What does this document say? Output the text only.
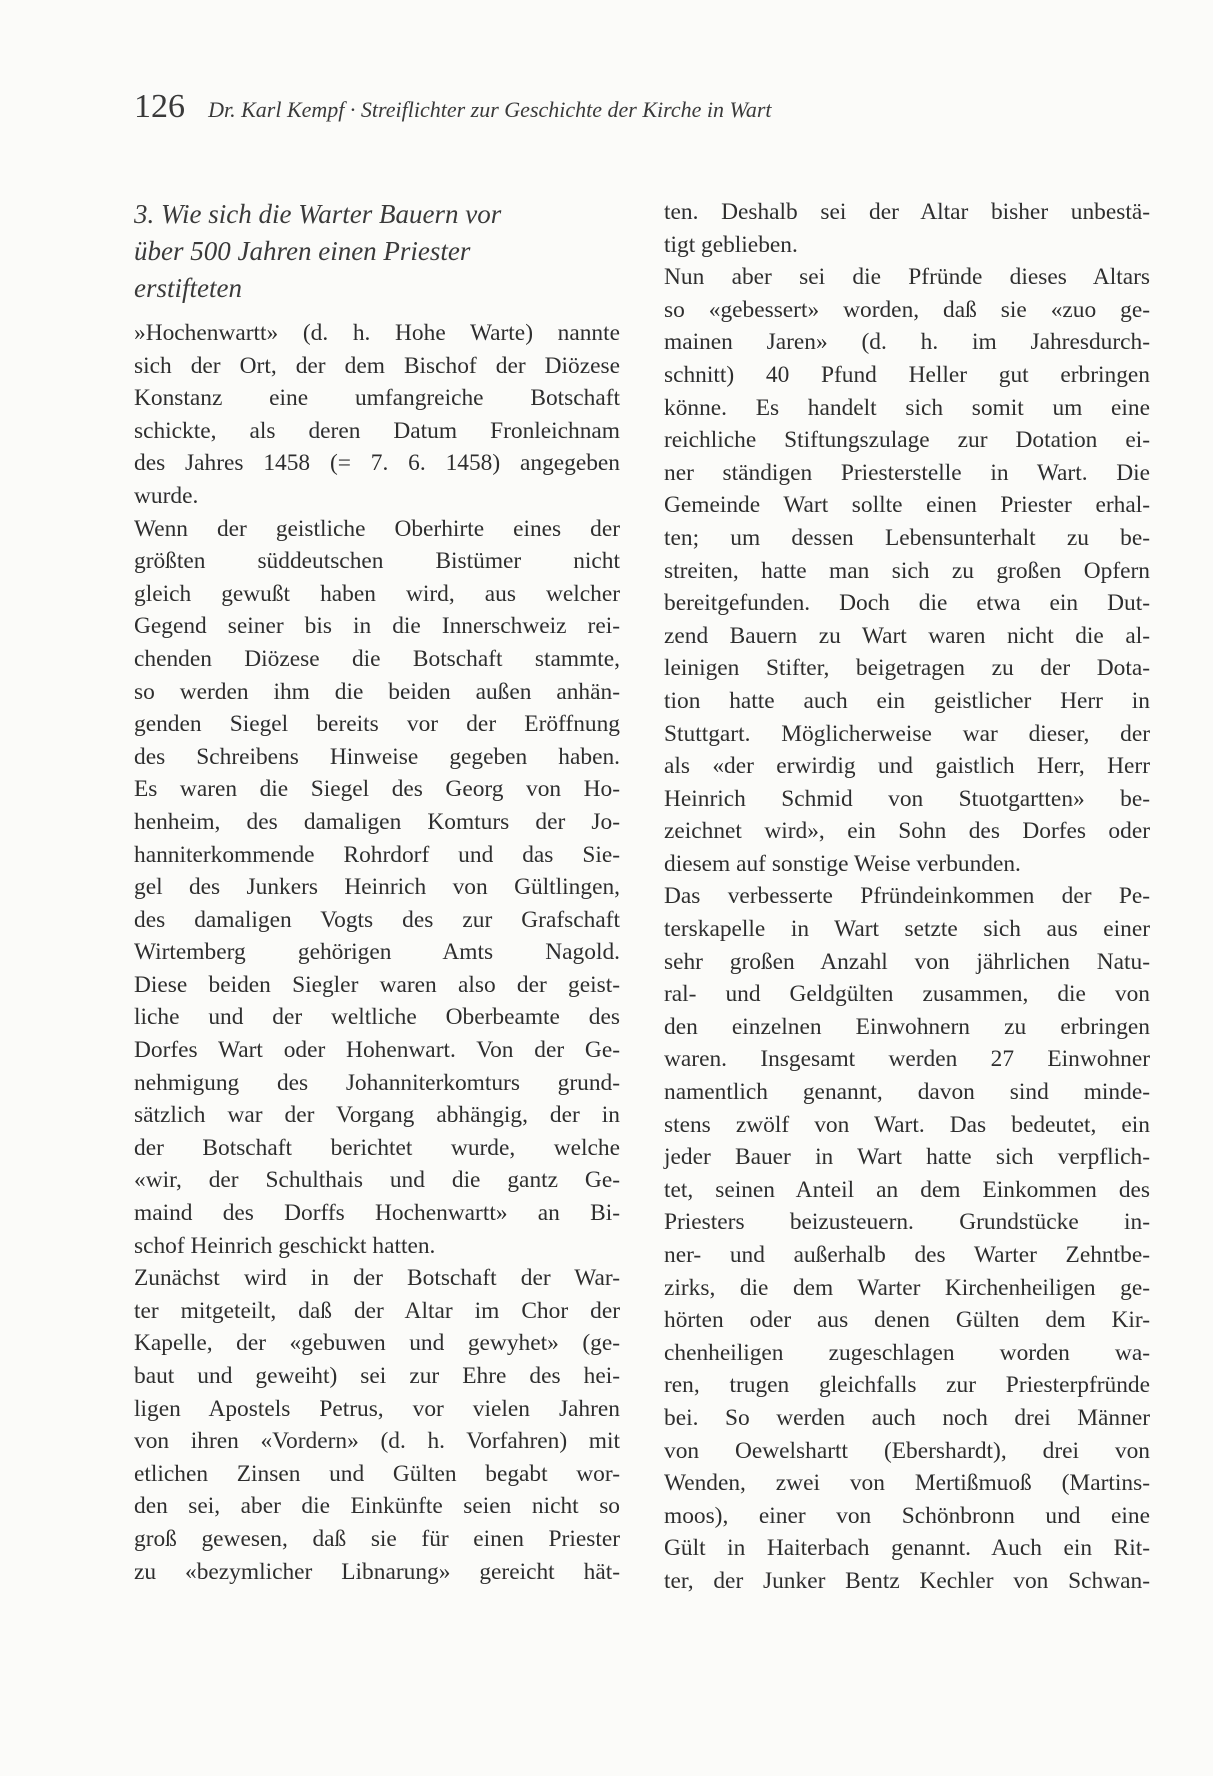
126 Dr. Karl Kempf · Streiflichter zur Geschichte der Kirche in Wart
3. Wie sich die Warter Bauern vor
über 500 Jahren einen Priester
erstifteten
»Hochenwartt» (d. h. Hohe Warte) nannte
sich der Ort, der dem Bischof der Diözese
Konstanz eine umfangreiche Botschaft
schickte, als deren Datum Fronleichnam
des Jahres 1458 (= 7. 6. 1458) angegeben
wurde.
Wenn der geistliche Oberhirte eines der
größten süddeutschen Bistümer nicht
gleich gewußt haben wird, aus welcher
Gegend seiner bis in die Innerschweiz rei-
chenden Diözese die Botschaft stammte,
so werden ihm die beiden außen anhän-
genden Siegel bereits vor der Eröffnung
des Schreibens Hinweise gegeben haben.
Es waren die Siegel des Georg von Ho-
henheim, des damaligen Komturs der Jo-
hanniterkommende Rohrdorf und das Sie-
gel des Junkers Heinrich von Gültlingen,
des damaligen Vogts des zur Grafschaft
Wirtemberg gehörigen Amts Nagold.
Diese beiden Siegler waren also der geist-
liche und der weltliche Oberbeamte des
Dorfes Wart oder Hohenwart. Von der Ge-
nehmigung des Johanniterkomturs grund-
sätzlich war der Vorgang abhängig, der in
der Botschaft berichtet wurde, welche
«wir, der Schulthais und die gantz Ge-
maind des Dorffs Hochenwartt» an Bi-
schof Heinrich geschickt hatten.
Zunächst wird in der Botschaft der War-
ter mitgeteilt, daß der Altar im Chor der
Kapelle, der «gebuwen und gewyhet» (ge-
baut und geweiht) sei zur Ehre des hei-
ligen Apostels Petrus, vor vielen Jahren
von ihren «Vordern» (d. h. Vorfahren) mit
etlichen Zinsen und Gülten begabt wor-
den sei, aber die Einkünfte seien nicht so
groß gewesen, daß sie für einen Priester
zu «bezymlicher Libnarung» gereicht hät-
ten. Deshalb sei der Altar bisher unbestä-
tigt geblieben.
Nun aber sei die Pfründe dieses Altars
so «gebessert» worden, daß sie «zuo ge-
mainen Jaren» (d. h. im Jahresdurch-
schnitt) 40 Pfund Heller gut erbringen
könne. Es handelt sich somit um eine
reichliche Stiftungszulage zur Dotation ei-
ner ständigen Priesterstelle in Wart. Die
Gemeinde Wart sollte einen Priester erhal-
ten; um dessen Lebensunterhalt zu be-
streiten, hatte man sich zu großen Opfern
bereitgefunden. Doch die etwa ein Dut-
zend Bauern zu Wart waren nicht die al-
leinigen Stifter, beigetragen zu der Dota-
tion hatte auch ein geistlicher Herr in
Stuttgart. Möglicherweise war dieser, der
als «der erwirdig und gaistlich Herr, Herr
Heinrich Schmid von Stuotgartten» be-
zeichnet wird», ein Sohn des Dorfes oder
diesem auf sonstige Weise verbunden.
Das verbesserte Pfründeinkommen der Pe-
terskapelle in Wart setzte sich aus einer
sehr großen Anzahl von jährlichen Natu-
ral- und Geldgülten zusammen, die von
den einzelnen Einwohnern zu erbringen
waren. Insgesamt werden 27 Einwohner
namentlich genannt, davon sind minde-
stens zwölf von Wart. Das bedeutet, ein
jeder Bauer in Wart hatte sich verpflich-
tet, seinen Anteil an dem Einkommen des
Priesters beizusteuern. Grundstücke in-
ner- und außerhalb des Warter Zehntbe-
zirks, die dem Warter Kirchenheiligen ge-
hörten oder aus denen Gülten dem Kir-
chenheiligen zugeschlagen worden wa-
ren, trugen gleichfalls zur Priesterpfründe
bei. So werden auch noch drei Männer
von Oewelshartt (Ebershardt), drei von
Wenden, zwei von Mertißmuoß (Martins-
moos), einer von Schönbronn und eine
Gült in Haiterbach genannt. Auch ein Rit-
ter, der Junker Bentz Kechler von Schwan-
